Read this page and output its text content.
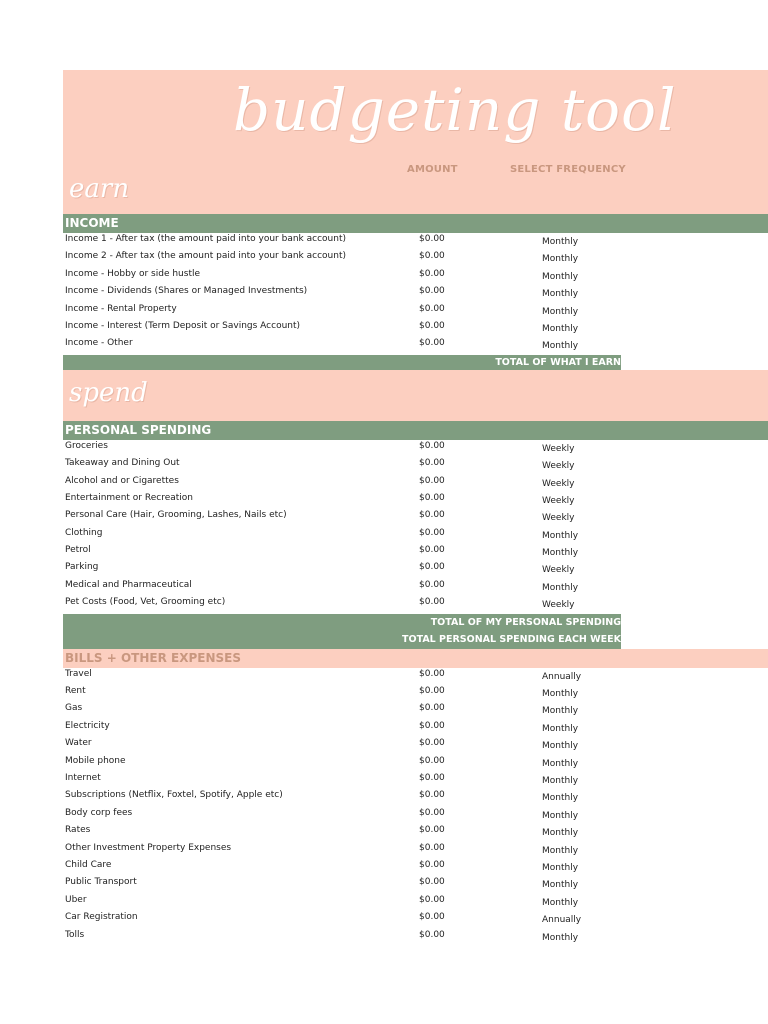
budgeting tool
AMOUNT	SELECT FREQUENCY
earn
INCOME
Income 1 - After tax (the amount paid into your bank account)	$0.00	Monthly
Income 2 - After tax (the amount paid into your bank account)	$0.00	Monthly
Income - Hobby or side hustle	$0.00	Monthly
Income - Dividends (Shares or Managed Investments)	$0.00	Monthly
Income - Rental Property	$0.00	Monthly
Income - Interest (Term Deposit or Savings Account)	$0.00	Monthly
Income - Other	$0.00	Monthly
TOTAL OF WHAT I EARN
spend
PERSONAL SPENDING
Groceries	$0.00	Weekly
Takeaway and Dining Out	$0.00	Weekly
Alcohol and or Cigarettes	$0.00	Weekly
Entertainment or Recreation	$0.00	Weekly
Personal Care (Hair, Grooming, Lashes, Nails etc)	$0.00	Weekly
Clothing	$0.00	Monthly
Petrol	$0.00	Monthly
Parking	$0.00	Weekly
Medical and Pharmaceutical	$0.00	Monthly
Pet Costs (Food, Vet, Grooming etc)	$0.00	Weekly
TOTAL OF MY PERSONAL SPENDING
TOTAL PERSONAL SPENDING EACH WEEK
BILLS + OTHER EXPENSES
Travel	$0.00	Annually
Rent	$0.00	Monthly
Gas	$0.00	Monthly
Electricity	$0.00	Monthly
Water	$0.00	Monthly
Mobile phone	$0.00	Monthly
Internet	$0.00	Monthly
Subscriptions (Netflix, Foxtel, Spotify, Apple etc)	$0.00	Monthly
Body corp fees	$0.00	Monthly
Rates	$0.00	Monthly
Other Investment Property Expenses	$0.00	Monthly
Child Care	$0.00	Monthly
Public Transport	$0.00	Monthly
Uber	$0.00	Monthly
Car Registration	$0.00	Annually
Tolls	$0.00	Monthly
